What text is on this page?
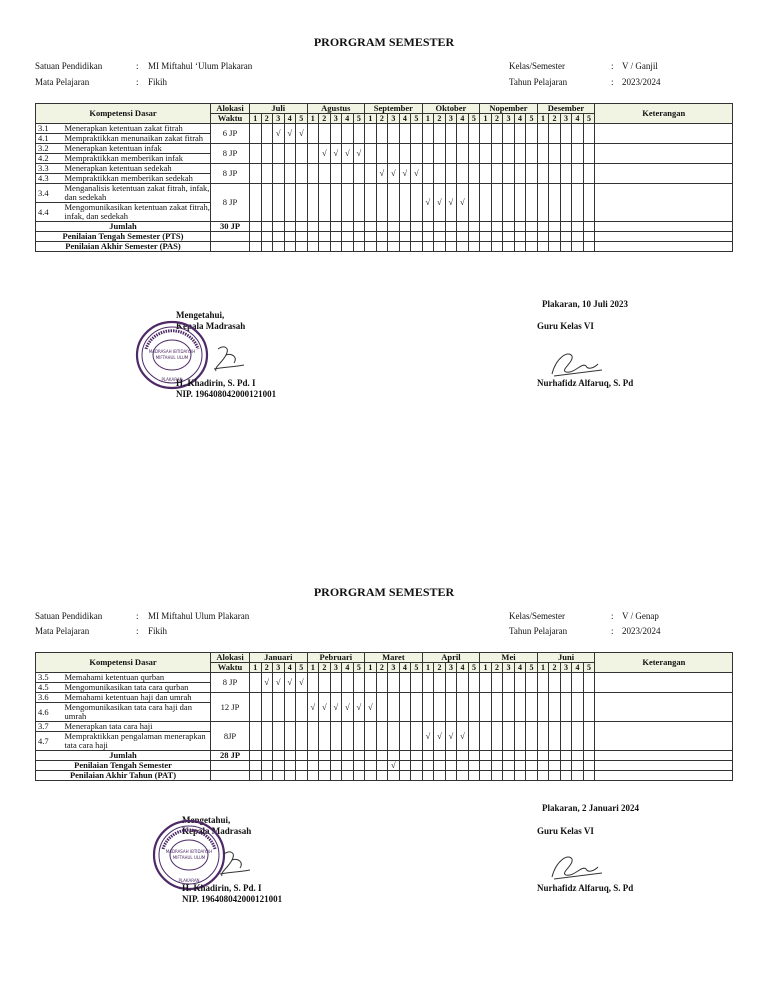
PRORGRAM SEMESTER
Satuan Pendidikan	: MI Miftahul ‘Ulum Plakaran
Mata Pelajaran	: Fikih
Kelas/Semester	: V / Ganjil
Tahun Pelajaran	: 2023/2024
Kompetensi Dasar		Alokasi	Juli					Agustus					September					Oktober					Nopember					Desember					Keterangan
		Waktu	1	2	3	4	5	1	2	3	4	5	1	2	3	4	5	1	2	3	4	5	1	2	3	4	5	1	2	3	4	5	
3.1	Menerapkan ketentuan zakat fitrah	6 JP			√	√	√																										
4.1	Mempraktikkan menunaikan zakat fitrah																																
3.2	Menerapkan ketentuan infak	8 JP							√	√	√	√																					
4.2	Mempraktikkan memberikan infak																																
3.3	Menerapkan ketentuan sedekah	8 JP												√	√	√	√																
4.3	Mempraktikkan memberikan sedekah																																
3.4	Menganalisis ketentuan zakat fitrah, infak, dan sedekah	8 JP																√	√	√	√												
4.4	Mengomunikasikan ketentuan zakat fitrah, infak, dan sedekah																																
Jumlah		30 JP																															
Penilaian Tengah Semester (PTS)																																	
Penilaian Akhir Semester (PAS)																																	
Plakaran, 10 Juli 2023
Mengetahui,
Kepala Madrasah	Guru Kelas VI
MADRASAH IBTIDAIYAH
MIFTAHUL ULUM
PLAKARAN
H. Khadirin, S. Pd. I
NIP. 196408042000121001
Nurhafidz Alfaruq, S. Pd
PRORGRAM SEMESTER
Satuan Pendidikan	: MI Miftahul Ulum Plakaran
Mata Pelajaran	: Fikih
Kelas/Semester	: V / Genap
Tahun Pelajaran	: 2023/2024
Kompetensi Dasar		Alokasi	Januari					Pebruari					Maret					April					Mei					Juni					Keterangan
		Waktu	1	2	3	4	5	1	2	3	4	5	1	2	3	4	5	1	2	3	4	5	1	2	3	4	5	1	2	3	4	5	
3.5	Memahami ketentuan qurban	8 JP		√	√	√	√																										
4.5	Mengomunikasikan tata cara qurban																																
3.6	Memahami ketentuan haji dan umrah	12 JP						√	√	√	√	√	√																				
4.6	Mengomunikasikan tata cara haji dan umrah																																
3.7	Menerapkan tata cara haji	8JP																√	√	√	√												
4.7	Mempraktikkan pengalaman menerapkan tata cara haji																																
Jumlah		28 JP																															
Penilaian Tengah Semester															√																		
Penilaian Akhir Tahun (PAT)																																	
Plakaran, 2 Januari 2024
Mengetahui,
Kepala Madrasah	Guru Kelas VI
MADRASAH IBTIDAIYAH
MIFTAHUL ULUM
PLAKARAN
H. Khadirin, S. Pd. I
NIP. 196408042000121001
Nurhafidz Alfaruq, S. Pd
